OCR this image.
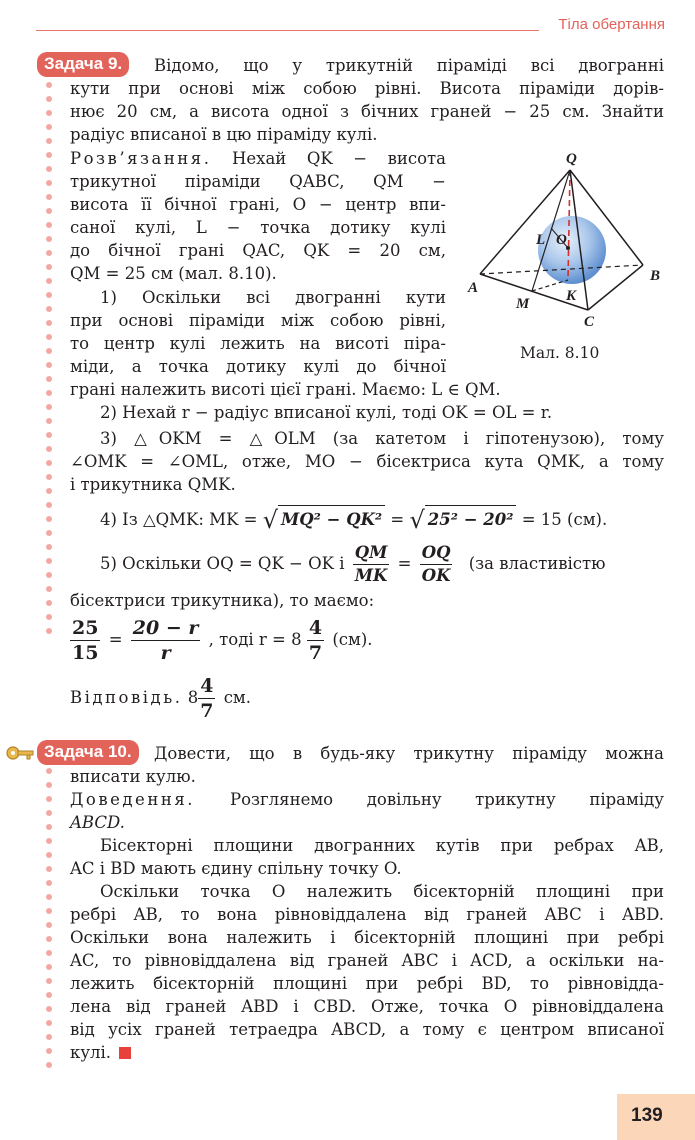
Тіла обертання
Задача 9.	Відомо, що у трикутній піраміді всі двогранні
кути при основі між собою рівні. Висота піраміди дорів-
нює 20 см, а висота одної з бічних граней − 25 см. Знайти
радіус вписаної в цю піраміду кулі.
Розв’язання. Нехай QK − висота
трикутної піраміди QABC, QM −
висота її бічної грані, O − центр впи-
саної кулі, L − точка дотику кулі
до бічної грані QAC, QK = 20 см,
QM = 25 см (мал. 8.10).
1) Оскільки всі двогранні кути
при основі піраміди між собою рівні,
то центр кулі лежить на висоті пірa-
міди, а точка дотику кулі до бічної
грані належить висоті цієї грані. Маємо: L ∈ QM.
2) Нехай r − радіус вписаної кулі, тоді OK = OL = r.
3) △OKM = △OLM (за катетом і гіпотенузою), тому
∠OMK = ∠OML, отже, MO − бісектриса кута QMK, а тому
і трикутника QMK.
4) Із △QMK: MK = √ MQ² − QK² = √ 25² − 20² = 15 (см).
5) Оскільки OQ = QK − OK і $\frac{QM}{MK} = \frac{OQ}{OK} (за$ властивістю
бісектриси трикутника), то маємо:
$\frac{25}{15} = \frac{20 - r}{r}$ , тоді $r = 8 \frac{4}{7} (см)$.
Відповідь. $8 \frac{4}{7}$ см.
Q
L O
A
M K
B
C
Мал. 8.10
Задача 10.	Довести, що в будь-яку трикутну піраміду можна
вписати кулю.
Доведення. Розглянемо довільну трикутну піраміду
ABCD.
Бісекторні площини двогранних кутів при ребрах AB,
AC і BD мають єдину спільну точку O.
Оскільки точка O належить бісекторній площині при
ребрі AB, то вона рівновіддалена від граней ABC і ABD.
Оскільки вона належить і бісекторній площині при ребрі
AC, то рівновіддалена від граней ABC і ACD, а оскільки на-
лежить бісекторній площині при ребрі BD, то рівновідда-
лена від граней ABD і CBD. Отже, точка O рівновіддалена
від усіх граней тетраедра ABCD, а тому є центром вписаної
кулі.
139
